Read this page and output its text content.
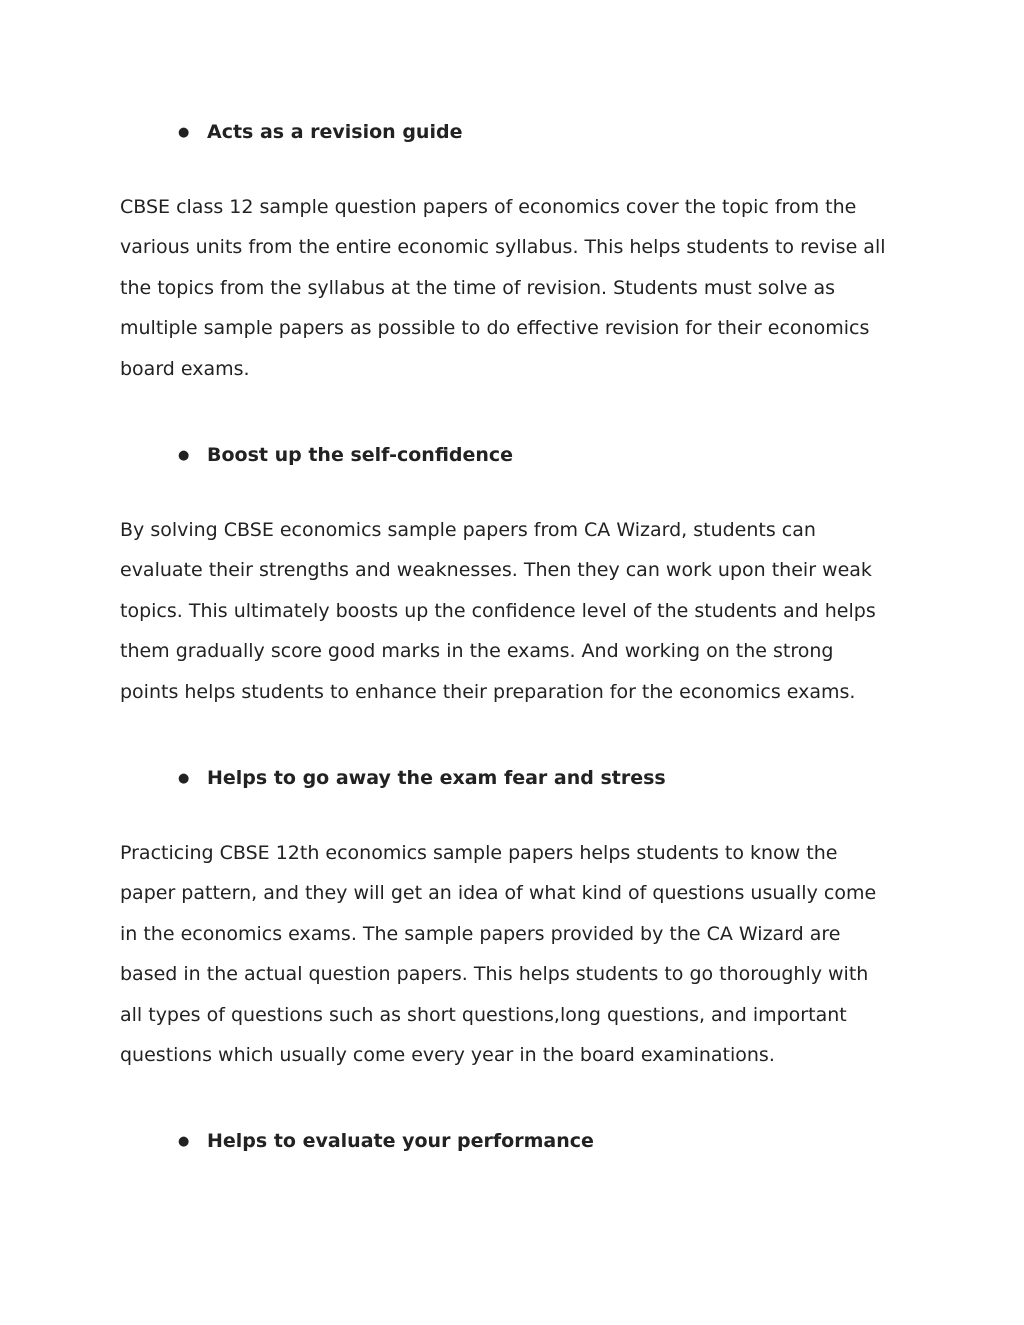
● Acts as a revision guide

CBSE class 12 sample question papers of economics cover the topic from the

various units from the entire economic syllabus. This helps students to revise all

the topics from the syllabus at the time of revision. Students must solve as

multiple sample papers as possible to do effective revision for their economics

board exams.

● Boost up the self-confidence

By solving CBSE economics sample papers from CA Wizard, students can

evaluate their strengths and weaknesses. Then they can work upon their weak

topics. This ultimately boosts up the confidence level of the students and helps

them gradually score good marks in the exams. And working on the strong

points helps students to enhance their preparation for the economics exams.

● Helps to go away the exam fear and stress

Practicing CBSE 12th economics sample papers helps students to know the

paper pattern, and they will get an idea of what kind of questions usually come

in the economics exams. The sample papers provided by the CA Wizard are

based in the actual question papers. This helps students to go thoroughly with

all types of questions such as short questions,long questions, and important

questions which usually come every year in the board examinations.

● Helps to evaluate your performance
